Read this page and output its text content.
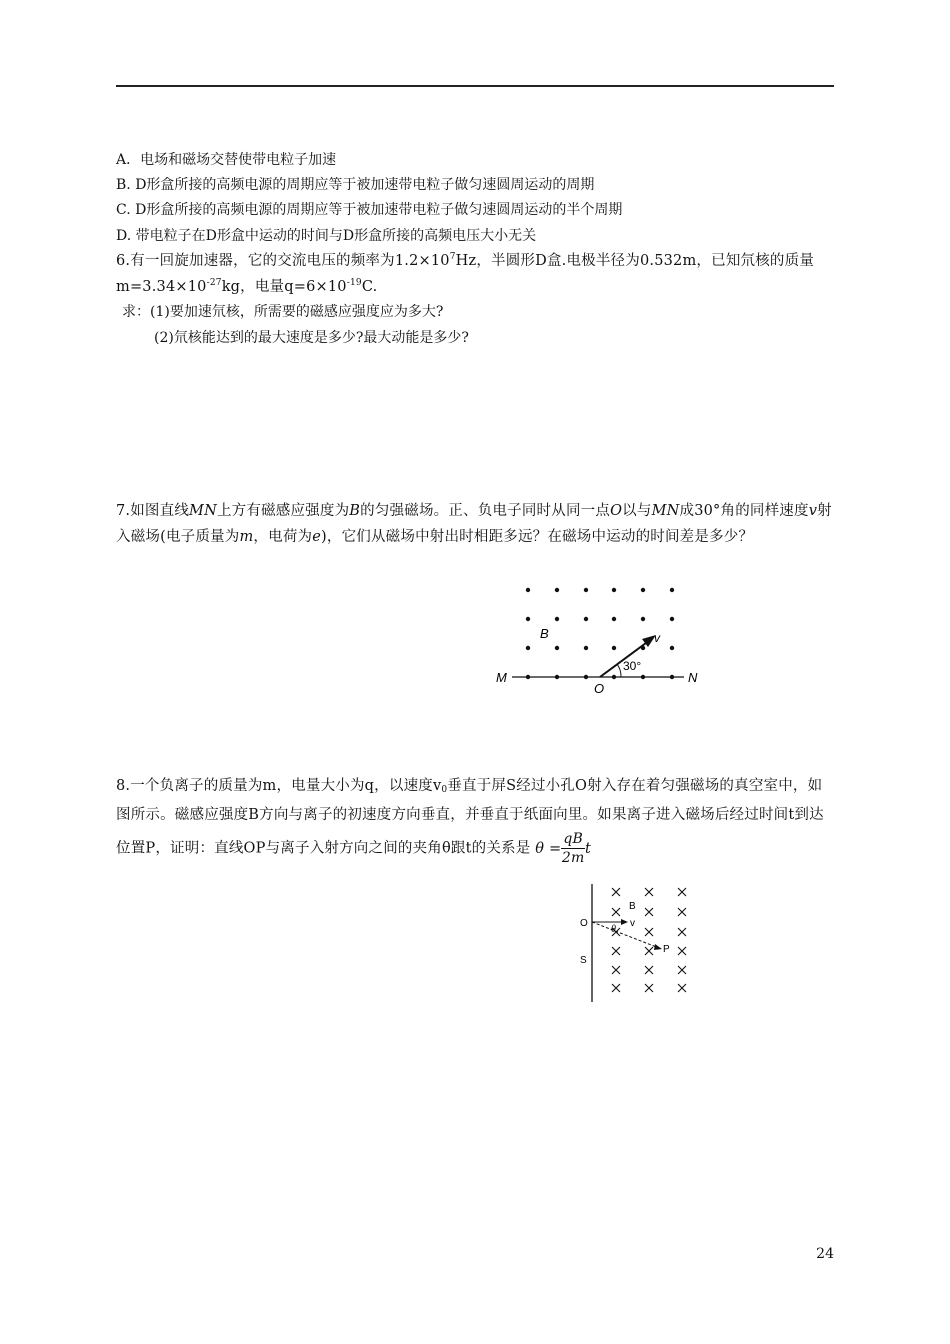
A．电场和磁场交替使带电粒子加速
B. D形盒所接的高频电源的周期应等于被加速带电粒子做匀速圆周运动的周期
C. D形盒所接的高频电源的周期应等于被加速带电粒子做匀速圆周运动的半个周期
D. 带电粒子在D形盒中运动的时间与D形盒所接的高频电压大小无关
6.有一回旋加速器，它的交流电压的频率为$1.2\times 10^7Hz$，半圆形D盒.电极半径为0.532m，已知氘核的质量$m=3.34\times 10^{-27}kg$，电量$q=6\times 10^{-19}C$.
求：(1)要加速氘核，所需要的磁感应强度应为多大?
(2)氘核能达到的最大速度是多少?最大动能是多少?
7.如图直线MN上方有磁感应强度为B的匀强磁场。正、负电子同时从同一点O以与MN成30°角的同样速度v射入磁场(电子质量为m，电荷为e)，它们从磁场中射出时相距多远？在磁场中运动的时间差是多少？
B	v
30°
M
O
N
8.一个负离子的质量为m，电量大小为q，以速度$v_0$垂直于屏S经过小孔O射入存在着匀强磁场的真空室中，如图所示。磁感应强度B方向与离子的初速度方向垂直，并垂直于纸面向里。如果离子进入磁场后经过时间t到达位置P，证明：直线OP与离子入射方向之间的夹角θ跟t的关系是 $\theta = \frac{qB}{2m}$ t
O
S
B
v
P
θ
24
